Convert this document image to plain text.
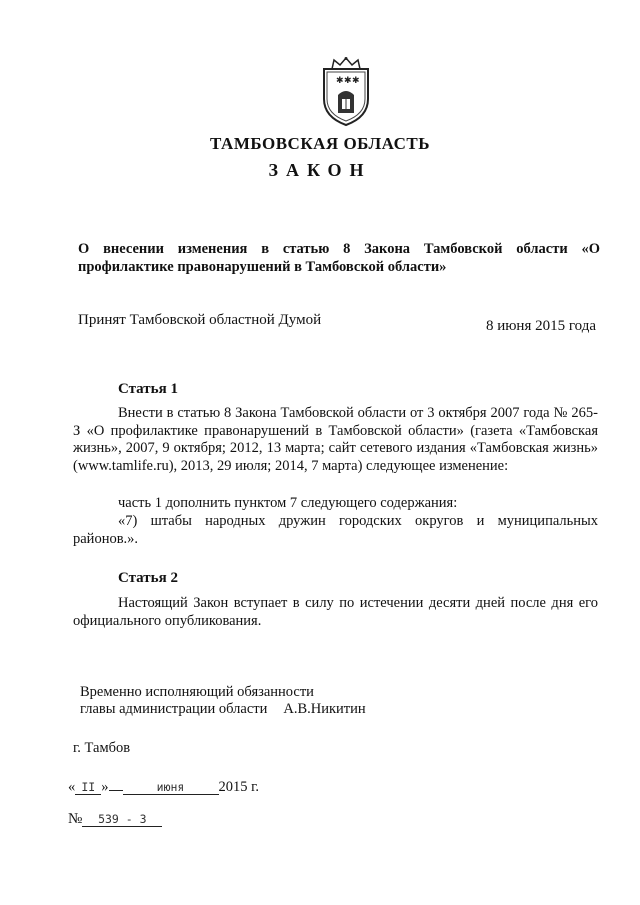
✱ ✱ ✱
ТАМБОВСКАЯ ОБЛАСТЬ
ЗАКОН
О внесении изменения в статью 8 Закона Тамбовской области «О профилактике правонарушений в Тамбовской области»
Принят Тамбовской областной Думой	8 июня 2015 года
Статья 1
Внести в статью 8 Закона Тамбовской области от 3 октября 2007 года № 265-З «О профилактике правонарушений в Тамбовской области» (газета «Тамбовская жизнь», 2007, 9 октября; 2012, 13 марта; сайт сетевого издания «Тамбовская жизнь» (www.tamlife.ru), 2013, 29 июля; 2014, 7 марта) следующее изменение:
часть 1 дополнить пунктом 7 следующего содержания:
«7) штабы народных дружин городских округов и муниципальных районов.».
Статья 2
Настоящий Закон вступает в силу по истечении десяти дней после дня его официального опубликования.
Временно исполняющий обязанности
главы администрации области А.В.Никитин
г. Тамбов
« II »	июня 2015 г.
№ 539 - 3
